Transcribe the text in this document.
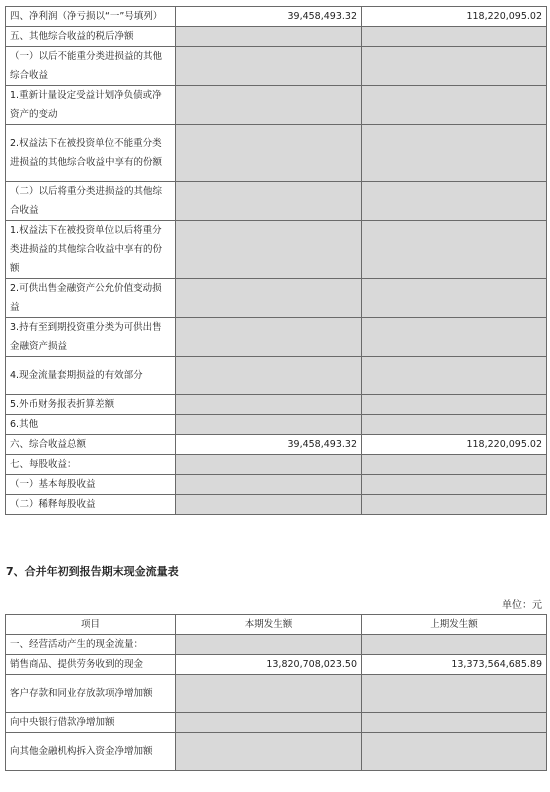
四、净利润（净亏损以“一”号填列）	39,458,493.32	118,220,095.02
五、其他综合收益的税后净额		
（一）以后不能重分类进损益的其他综合收益		
1.重新计量设定受益计划净负债或净资产的变动		
2.权益法下在被投资单位不能重分类进损益的其他综合收益中享有的份额		
（二）以后将重分类进损益的其他综合收益		
1.权益法下在被投资单位以后将重分类进损益的其他综合收益中享有的份额		
2.可供出售金融资产公允价值变动损益		
3.持有至到期投资重分类为可供出售金融资产损益		
4.现金流量套期损益的有效部分		
5.外币财务报表折算差额		
6.其他		
六、综合收益总额	39,458,493.32	118,220,095.02
七、每股收益：		
（一）基本每股收益		
（二）稀释每股收益		
7、合并年初到报告期末现金流量表
单位：元
项目	本期发生额	上期发生额
一、经营活动产生的现金流量：		
销售商品、提供劳务收到的现金	13,820,708,023.50	13,373,564,685.89
客户存款和同业存放款项净增加额		
向中央银行借款净增加额		
向其他金融机构拆入资金净增加额		
